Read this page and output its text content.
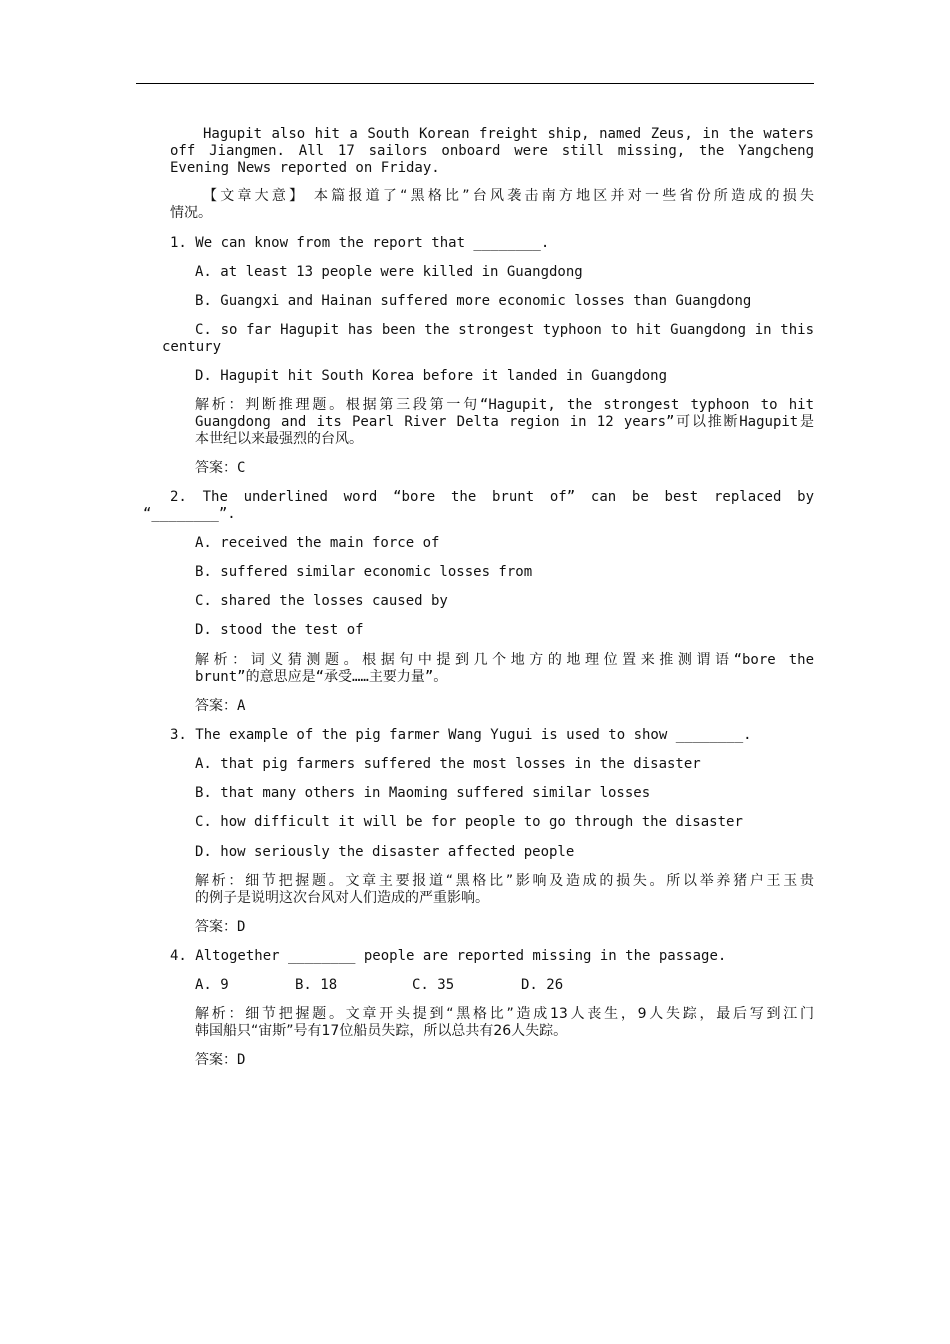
Hagupit also hit a South Korean freight ship, named Zeus, in the waters
off Jiangmen. All 17 sailors onboard were still missing, the Yangcheng
Evening News reported on Friday.
【文章大意】 本篇报道了“黑格比”台风袭击南方地区并对一些省份所造成的损失
情况。
1. We can know from the report that ________.
A. at least 13 people were killed in Guangdong
B. Guangxi and Hainan suffered more economic losses than Guangdong
C. so far Hagupit has been the strongest typhoon to hit Guangdong in this
century
D. Hagupit hit South Korea before it landed in Guangdong
解析：判断推理题。根据第三段第一句“Hagupit, the strongest typhoon to hit
Guangdong and its Pearl River Delta region in 12 years”可以推断Hagupit是
本世纪以来最强烈的台风。
答案：C
2. The underlined word “bore the brunt of” can be best replaced by
“________”.
A. received the main force of
B. suffered similar economic losses from
C. shared the losses caused by
D. stood the test of
解析：词义猜测题。根据句中提到几个地方的地理位置来推测谓语“bore the
brunt”的意思应是“承受……主要力量”。
答案：A
3. The example of the pig farmer Wang Yugui is used to show ________.
A. that pig farmers suffered the most losses in the disaster
B. that many others in Maoming suffered similar losses
C. how difficult it will be for people to go through the disaster
D. how seriously the disaster affected people
解析：细节把握题。文章主要报道“黑格比”影响及造成的损失。所以举养猪户王玉贵
的例子是说明这次台风对人们造成的严重影响。
答案：D
4. Altogether ________ people are reported missing in the passage.
A. 9	B. 18	C. 35	D. 26
解析：细节把握题。文章开头提到“黑格比”造成13人丧生，9人失踪，最后写到江门
韩国船只“宙斯”号有17位船员失踪，所以总共有26人失踪。
答案：D
